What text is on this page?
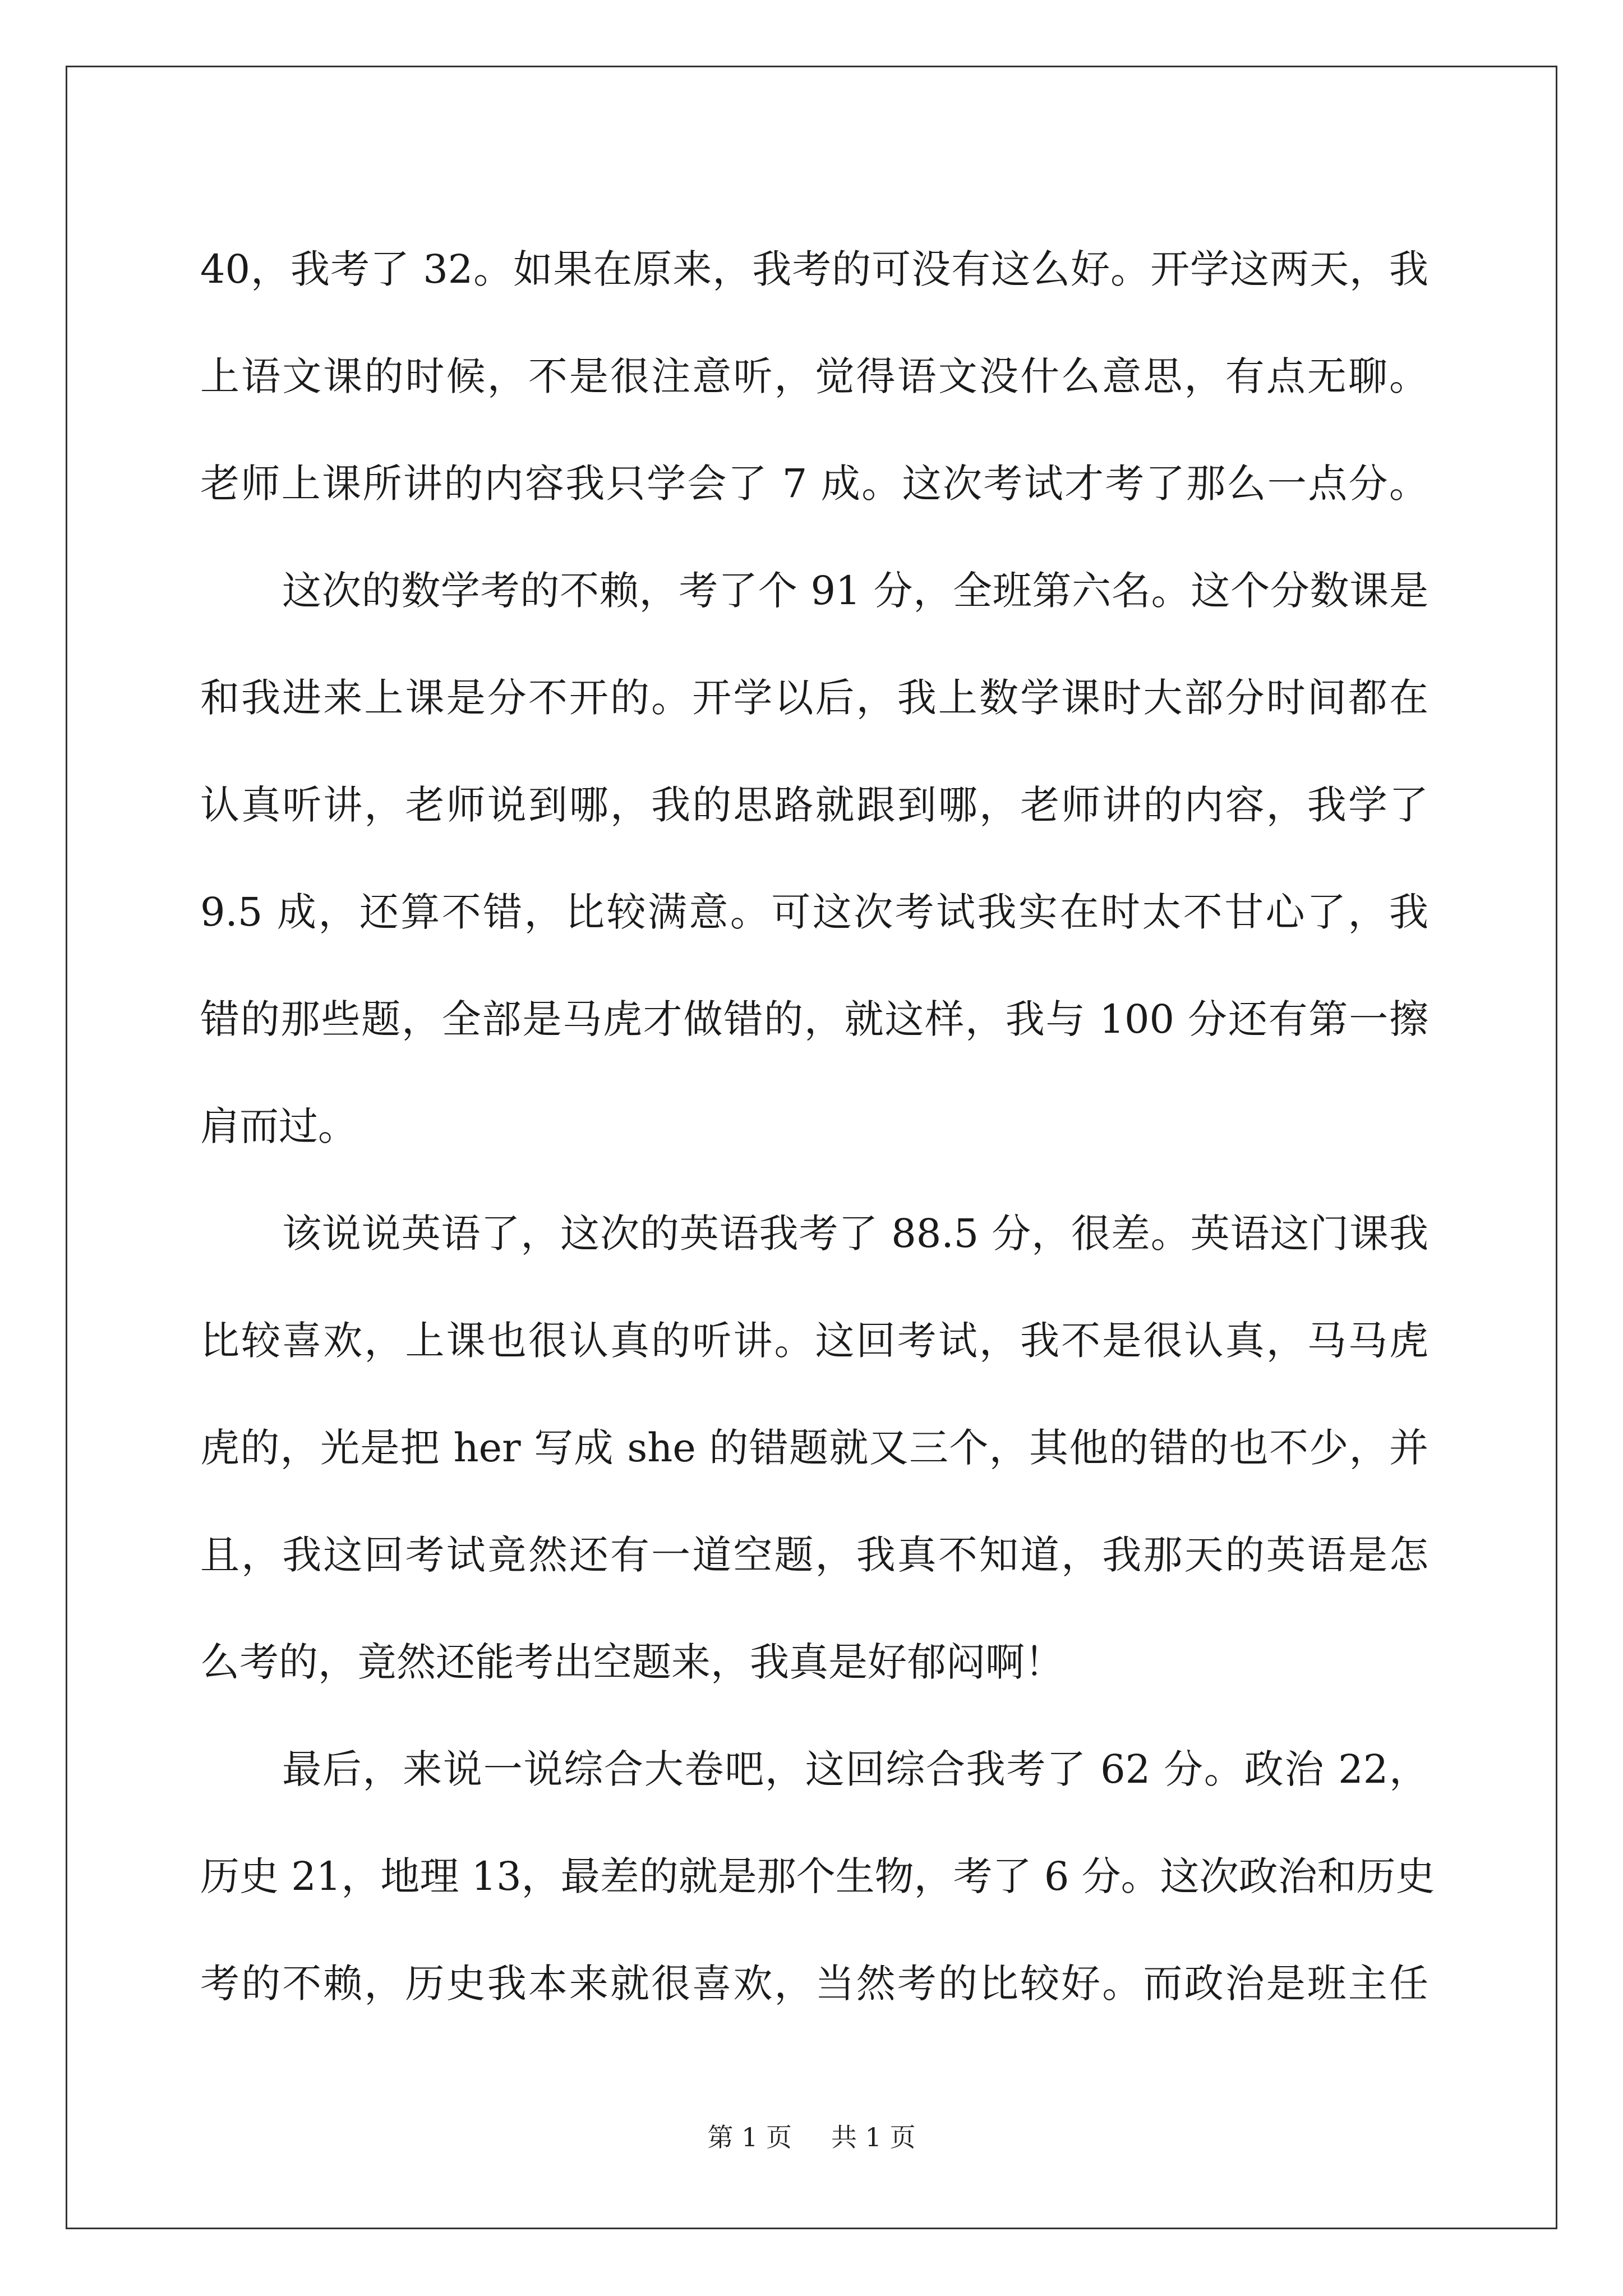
40，我考了 32。如果在原来，我考的可没有这么好。开学这两天，我
上语文课的时候，不是很注意听，觉得语文没什么意思，有点无聊。
老师上课所讲的内容我只学会了 7 成。这次考试才考了那么一点分。
这次的数学考的不赖，考了个 91 分，全班第六名。这个分数课是
和我进来上课是分不开的。开学以后，我上数学课时大部分时间都在
认真听讲，老师说到哪，我的思路就跟到哪，老师讲的内容，我学了
9.5 成，还算不错，比较满意。可这次考试我实在时太不甘心了，我
错的那些题，全部是马虎才做错的，就这样，我与 100 分还有第一擦
肩而过。
该说说英语了，这次的英语我考了 88.5 分，很差。英语这门课我
比较喜欢，上课也很认真的听讲。这回考试，我不是很认真，马马虎
虎的，光是把 her 写成 she 的错题就又三个，其他的错的也不少，并
且，我这回考试竟然还有一道空题，我真不知道，我那天的英语是怎
么考的，竟然还能考出空题来，我真是好郁闷啊！
最后，来说一说综合大卷吧，这回综合我考了 62 分。政治 22，
历史 21，地理 13，最差的就是那个生物，考了 6 分。这次政治和历史
考的不赖，历史我本来就很喜欢，当然考的比较好。而政治是班主任
第 1 页 共 1 页
